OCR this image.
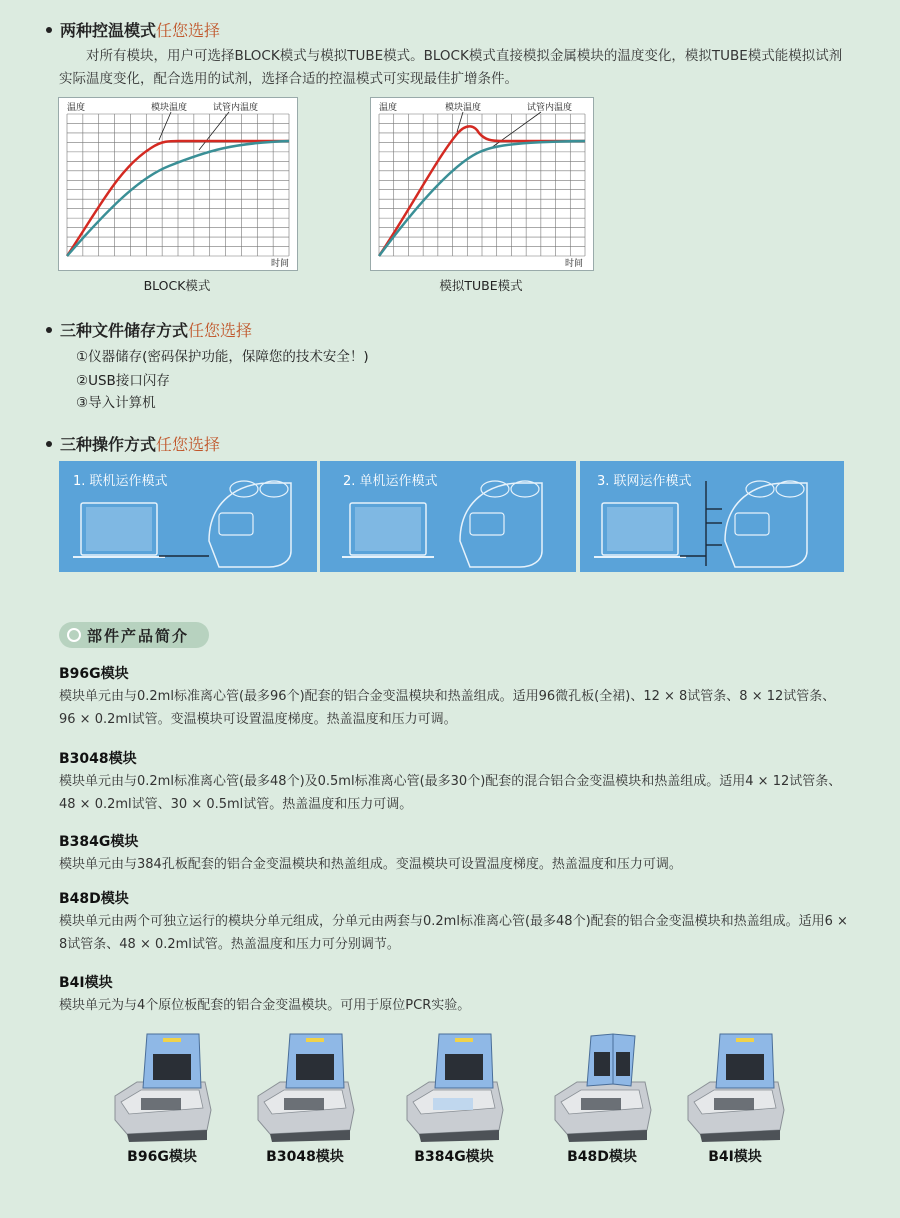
两种控温模式任您选择
对所有模块，用户可选择BLOCK模式与模拟TUBE模式。BLOCK模式直接模拟金属模块的温度变化，模拟TUBE模式能模拟试剂实际温度变化，配合选用的试剂，选择合适的控温模式可实现最佳扩增条件。
温度
时间
模块温度	试管内温度
BLOCK模式
温度
时间
模块温度	试管内温度
模拟TUBE模式
三种文件储存方式任您选择
①仪器储存(密码保护功能，保障您的技术安全！)
②USB接口闪存
③导入计算机
三种操作方式任您选择
1. 联机运作模式	2. 单机运作模式	3. 联网运作模式
部件产品简介
B96G模块
模块单元由与0.2ml标准离心管(最多96个)配套的铝合金变温模块和热盖组成。适用96微孔板(全裙)、12 × 8试管条、8 × 12试管条、96 × 0.2ml试管。变温模块可设置温度梯度。热盖温度和压力可调。
B3048模块
模块单元由与0.2ml标准离心管(最多48个)及0.5ml标准离心管(最多30个)配套的混合铝合金变温模块和热盖组成。适用4 × 12试管条、48 × 0.2ml试管、30 × 0.5ml试管。热盖温度和压力可调。
B384G模块
模块单元由与384孔板配套的铝合金变温模块和热盖组成。变温模块可设置温度梯度。热盖温度和压力可调。
B48D模块
模块单元由两个可独立运行的模块分单元组成，分单元由两套与0.2ml标准离心管(最多48个)配套的铝合金变温模块和热盖组成。适用6 × 8试管条、48 × 0.2ml试管。热盖温度和压力可分别调节。
B4I模块
模块单元为与4个原位板配套的铝合金变温模块。可用于原位PCR实验。
B96G模块	B3048模块	B384G模块	B48D模块	B4I模块
